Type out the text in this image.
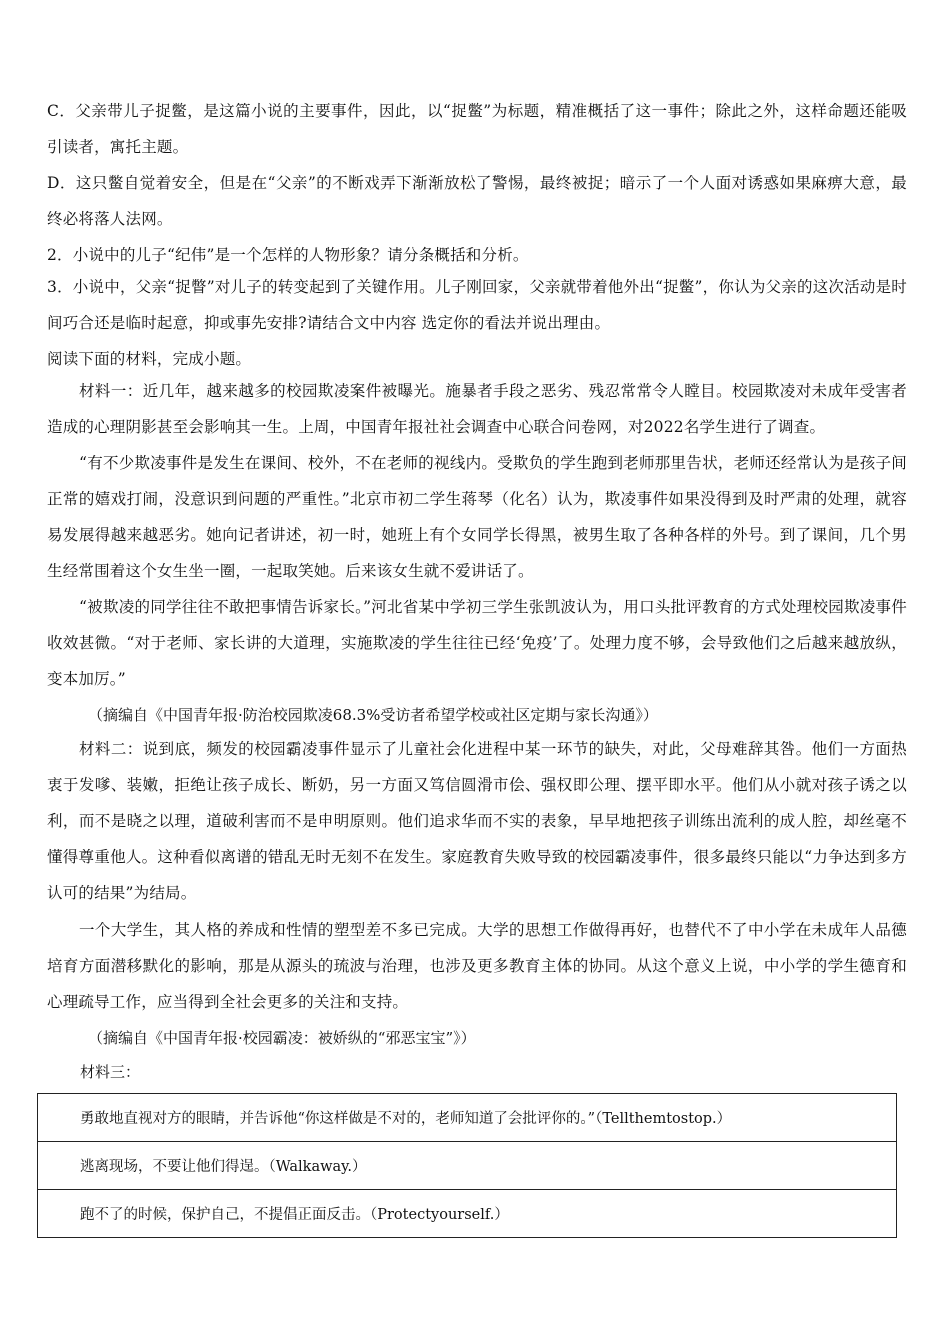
C．父亲带儿子捉鳖，是这篇小说的主要事件，因此，以“捉鳖”为标题，精准概括了这一事件；除此之外，这样命题还能吸引读者，寓托主题。

D．这只鳖自觉着安全，但是在“父亲”的不断戏弄下渐渐放松了警惕，最终被捉；暗示了一个人面对诱惑如果麻痹大意，最终必将落人法网。

2．小说中的儿子“纪伟”是一个怎样的人物形象？请分条概括和分析。

3．小说中，父亲“捉瞥”对儿子的转变起到了关键作用。儿子刚回家，父亲就带着他外出“捉鳖”，你认为父亲的这次活动是时间巧合还是临时起意，抑或事先安排?请结合文中内容 选定你的看法并说出理由。

阅读下面的材料，完成小题。

材料一：近几年，越来越多的校园欺凌案件被曝光。施暴者手段之恶劣、残忍常常令人瞠目。校园欺凌对未成年受害者造成的心理阴影甚至会影响其一生。上周，中国青年报社社会调查中心联合问卷网，对2022名学生进行了调查。

“有不少欺凌事件是发生在课间、校外，不在老师的视线内。受欺负的学生跑到老师那里告状，老师还经常认为是孩子间正常的嬉戏打闹，没意识到问题的严重性。”北京市初二学生蒋琴（化名）认为，欺凌事件如果没得到及时严肃的处理，就容易发展得越来越恶劣。她向记者讲述，初一时，她班上有个女同学长得黑，被男生取了各种各样的外号。到了课间，几个男生经常围着这个女生坐一圈，一起取笑她。后来该女生就不爱讲话了。

“被欺凌的同学往往不敢把事情告诉家长。”河北省某中学初三学生张凯波认为，用口头批评教育的方式处理校园欺凌事件收效甚微。“对于老师、家长讲的大道理，实施欺凌的学生往往已经‘免疫’了。处理力度不够，会导致他们之后越来越放纵，变本加厉。”

（摘编自《中国青年报·防治校园欺凌68.3%受访者希望学校或社区定期与家长沟通》）

材料二：说到底，频发的校园霸凌事件显示了儿童社会化进程中某一环节的缺失，对此，父母难辞其咎。他们一方面热衷于发嗲、装嫩，拒绝让孩子成长、断奶，另一方面又笃信圆滑市侩、强权即公理、摆平即水平。他们从小就对孩子诱之以利，而不是晓之以理，道破利害而不是申明原则。他们追求华而不实的表象，早早地把孩子训练出流利的成人腔，却丝毫不懂得尊重他人。这种看似离谱的错乱无时无刻不在发生。家庭教育失败导致的校园霸凌事件，很多最终只能以“力争达到多方认可的结果”为结局。

一个大学生，其人格的养成和性情的塑型差不多已完成。大学的思想工作做得再好，也替代不了中小学在未成年人品德培育方面潜移默化的影响，那是从源头的琉波与治理，也涉及更多教育主体的协同。从这个意义上说，中小学的学生德育和心理疏导工作，应当得到全社会更多的关注和支持。

（摘编自《中国青年报·校园霸凌：被娇纵的“邪恶宝宝”》）

材料三：

勇敢地直视对方的眼睛，并告诉他“你这样做是不对的，老师知道了会批评你的。”（Tellthemtostop.）
逃离现场，不要让他们得逞。（Walkaway.）
跑不了的时候，保护自己，不提倡正面反击。（Protectyourself.）
